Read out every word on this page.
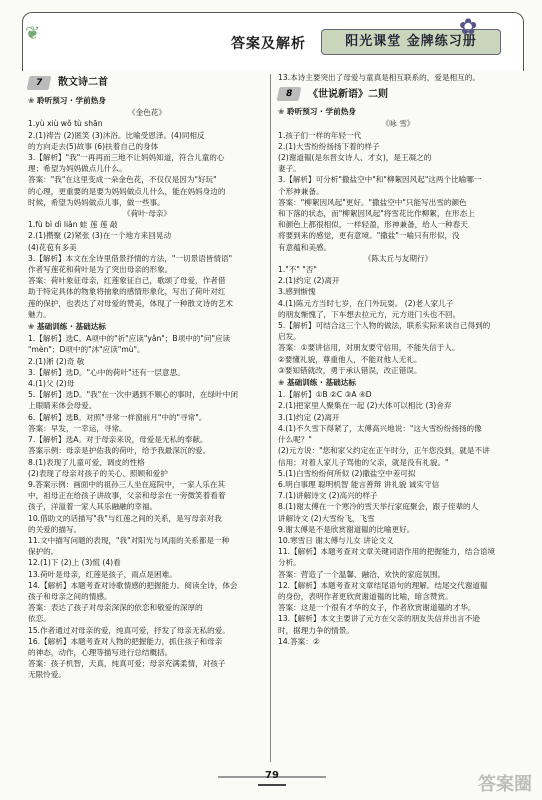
❦	答案及解析	阳光课堂 金牌练习册
✿
7	散文诗二首
❀ 聆听预习 · 学前热身
《金色花》
1.yù xiù wǒ tù shān
2.(1)祷告 (2)匿笑 (3)沐浴。比喻受恩泽。(4)同相反
的方向走去(5)故事 (6)扶着自己的身体
3.【解析】"我"一再再而三地不让妈妈知道，符合儿童的心
理；希望为妈妈做点儿什么。
答案："我"在这里变成一朵金色花，不仅仅是因为"好玩"
的心理，更重要的是要为妈妈做点儿什么，能在妈妈身边的
时候，希望为妈妈做点儿事，做一些事。
《荷叶·母亲》
1.fù bì dì liǎn 蛙 莲 莲 敲
2.(1)攒聚 (2)紧张 (3)在一个地方来回晃动
(4)花苞有多美
3.【解析】本文在全诗里借景抒情的方法，"一切景语皆情语"
作者写莲花和荷叶是为了突出母亲的形象。
答案：荷叶象征母亲，红莲象征自己，歌颂了母爱，作者借
助于特定具体的物象将抽象的感情形象化，写出了荷叶对红
莲的保护，也表达了对母爱的赞美，体现了一种散文诗的艺术
魅力。
❀ 基础训练 · 基础达标
1.【解析】选C。A项中的"祈"应读"yǎn"；B项中的"问"应读
"mèn"；D项中的"沐"应读"mù"。
2.(1)淅 (2)奇 敬
3.【解析】选D。"心中的荷叶"还有一层意思。
4.(1)父 (2)母
5.【解析】选D。"我"在一次中遇到不顺心的事时，在绿叶中闭
上眼睛来体会母爱。
6.【解析】选B。对照"寻常一样窗前月"中的"寻常"。
答案：早发，一幸运，寻常。
7.【解析】选A。对于母亲来说，母爱是无私的奉献。
答案示例：母亲是护佑我的荷叶，给予我最深沉的爱。
8.(1)表现了儿童可爱、调皮的性格
(2)表现了母亲对孩子的关心、照顾和爱护
9.答案示例：画面中的祖孙三人坐在庭院中，一家人乐在其
中，祖母正在给孩子讲故事，父亲和母亲在一旁微笑着看着
孩子，洋溢着一家人其乐融融的幸福。
10.借助文的话描写"我"与红莲之间的关系，是写母亲对我
的关爱的描写。
11.文中描写问题的表现，"我"对阳光与风雨的关系都是一种
保护的。
12.(1)下 (2)上 (3)慌 (4)看
13.荷叶是母亲，红莲是孩子，雨点是困难。
14.【解析】本题考查对诗歌情感的把握能力。阅读全诗，体会
孩子和母亲之间的情感。
答案：表达了孩子对母亲深深的依恋和敬爱的深厚的
依恋。
15.作者通过对母亲的爱，纯真可爱，抒发了母亲无私的爱。
16.【解析】本题考查对人物的把握能力，抓住孩子和母亲
的神态，动作，心理等描写进行总结概括。
答案：孩子机智，天真，纯真可爱；母亲充满柔情，对孩子
无限怜爱。
13.本诗主要突出了母爱与童真是相互联系的，爱是相互的。
8	《世说新语》二则
❀ 聆听预习 · 学前热身
《咏 雪》
1.孩子们一样的年轻一代
2.(1)大雪纷纷扬扬下着的样子
(2)谢道韫(是东晋女诗人、才女)，是王凝之的
妻子。
3.【解析】可分析"撒盐空中"和"柳絮因风起"这两个比喻哪一
个形神兼备。
答案："柳絮因风起"更好。"撒盐空中"只能写出雪的颜色
和下落的状态，而"柳絮因风起"将雪花比作柳絮，在形态上
和颜色上都很相似，一样轻盈，形神兼备，给人一种春天
将要到来的感觉，更有意境。"撒盐"一喻只有形似，没
有意蕴和美感。
《陈太丘与友期行》
1."不" "否"
2.(1)约定 (2)离开
3.感到惭愧
4.(1)陈元方当时七岁，在门外玩耍。 (2)老人家儿子
的朋友惭愧了，下车想去拉元方，元方进门头也不回。
5.【解析】可结合这三个人物的做法，联系实际来谈自己得到的
启发。
答案：①要讲信用，对朋友要守信用，不能失信于人。
②要懂礼貌，尊重他人，不能对他人无礼。
③要知错就改，勇于承认错误，改正错误。
❀ 基础训练 · 基础达标
1.【解析】①B ②C ③A ④D
2.(1)把家里人聚集在一起 (2)大体可以相比 (3)舍弃
3.(1)约定 (2)离开
4.(1)不久雪下得紧了，太傅高兴地说："这大雪纷纷扬扬的像
什么呢？"
(2)元方说："您和家父约定在正午时分，正午您没到，就是不讲
信用；对着人家儿子骂他的父亲，就是没有礼貌。"
5.(1)白雪纷纷何所似 (2)撒盐空中差可拟
6.明白事理 聪明机智 能言善辩 讲礼貌 诚实守信
7.(1)讲解诗文 (2)高兴的样子
8.(1)谢太傅在一个寒冷的雪天举行家庭聚会，跟子侄辈的人
讲解诗文 (2)大雪纷飞，飞雪
9.谢太傅是不是欣赏谢道韫的比喻更好。
10.寒雪日 谢太傅与儿女 讲论文义
11.【解析】本题考查对文章关键词语作用的把握能力，结合语境
分析。
答案：营造了一个温馨、融洽、欢快的家庭氛围。
12.【解析】本题考查对文章结尾语句的理解。结尾交代谢道韫
的身份，表明作者更欣赏谢道韫的比喻，暗含赞赏。
答案：这是一个很有才华的女子，作者欣赏谢道韫的才华。
13.【解析】本文主要讲了元方在父亲的朋友失信并出言不逊
时，据理力争的情景。
14.答案：②
79	答案圈
